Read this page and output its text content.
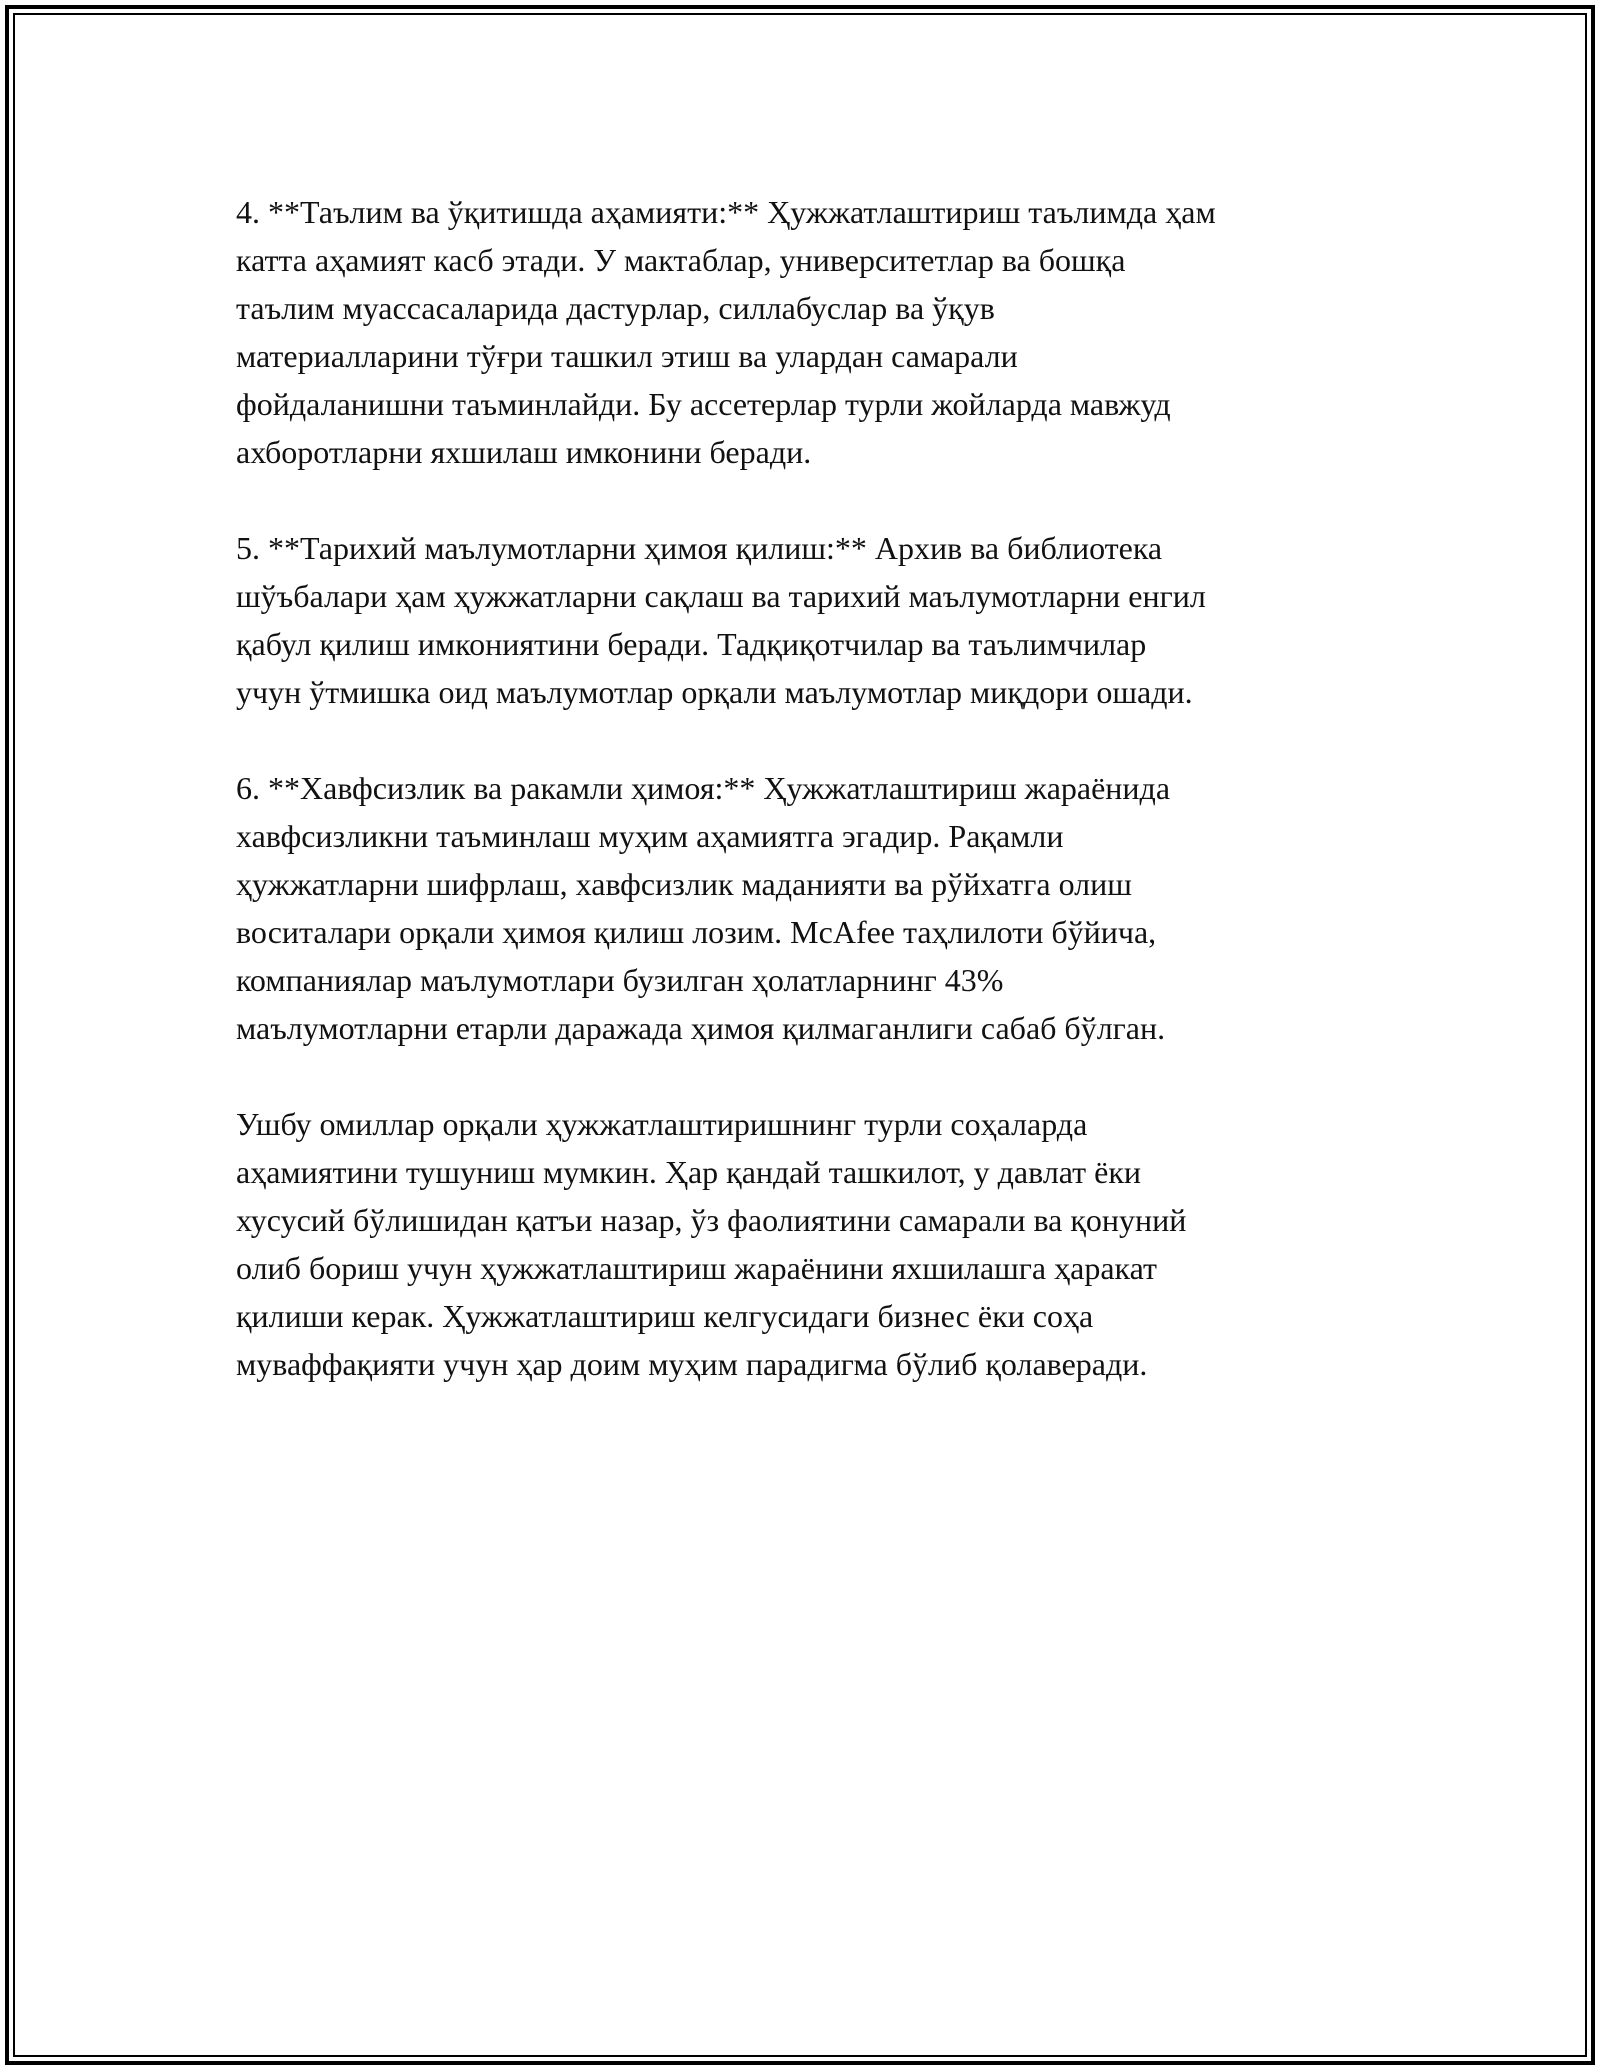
4. **Таълим ва ўқитишда аҳамияти:** Ҳужжатлаштириш таълимда ҳам
катта аҳамият касб этади. У мактаблар, университетлар ва бошқа
таълим муассасаларида дастурлар, силлабуслар ва ўқув
материалларини тўғри ташкил этиш ва улардан самарали
фойдаланишни таъминлайди. Бу ассетерлар турли жойларда мавжуд
ахборотларни яхшилаш имконини беради.

5. **Тарихий маълумотларни ҳимоя қилиш:** Архив ва библиотека
шўъбалари ҳам ҳужжатларни сақлаш ва тарихий маълумотларни енгил
қабул қилиш имкониятини беради. Тадқиқотчилар ва таълимчилар
учун ўтмишка оид маълумотлар орқали маълумотлар миқдори ошади.

6. **Хавфсизлик ва ракамли ҳимоя:** Ҳужжатлаштириш жараёнида
хавфсизликни таъминлаш муҳим аҳамиятга эгадир. Рақамли
ҳужжатларни шифрлаш, хавфсизлик маданияти ва рўйхатга олиш
воситалари орқали ҳимоя қилиш лозим. McAfee таҳлилоти бўйича,
компаниялар маълумотлари бузилган ҳолатларнинг 43%
маълумотларни етарли даражада ҳимоя қилмаганлиги сабаб бўлган.

Ушбу омиллар орқали ҳужжатлаштиришнинг турли соҳаларда
аҳамиятини тушуниш мумкин. Ҳар қандай ташкилот, у давлат ёки
хусусий бўлишидан қатъи назар, ўз фаолиятини самарали ва қонуний
олиб бориш учун ҳужжатлаштириш жараёнини яхшилашга ҳаракат
қилиши керак. Ҳужжатлаштириш келгусидаги бизнес ёки соҳа
муваффақияти учун ҳар доим муҳим парадигма бўлиб қолаверади.
